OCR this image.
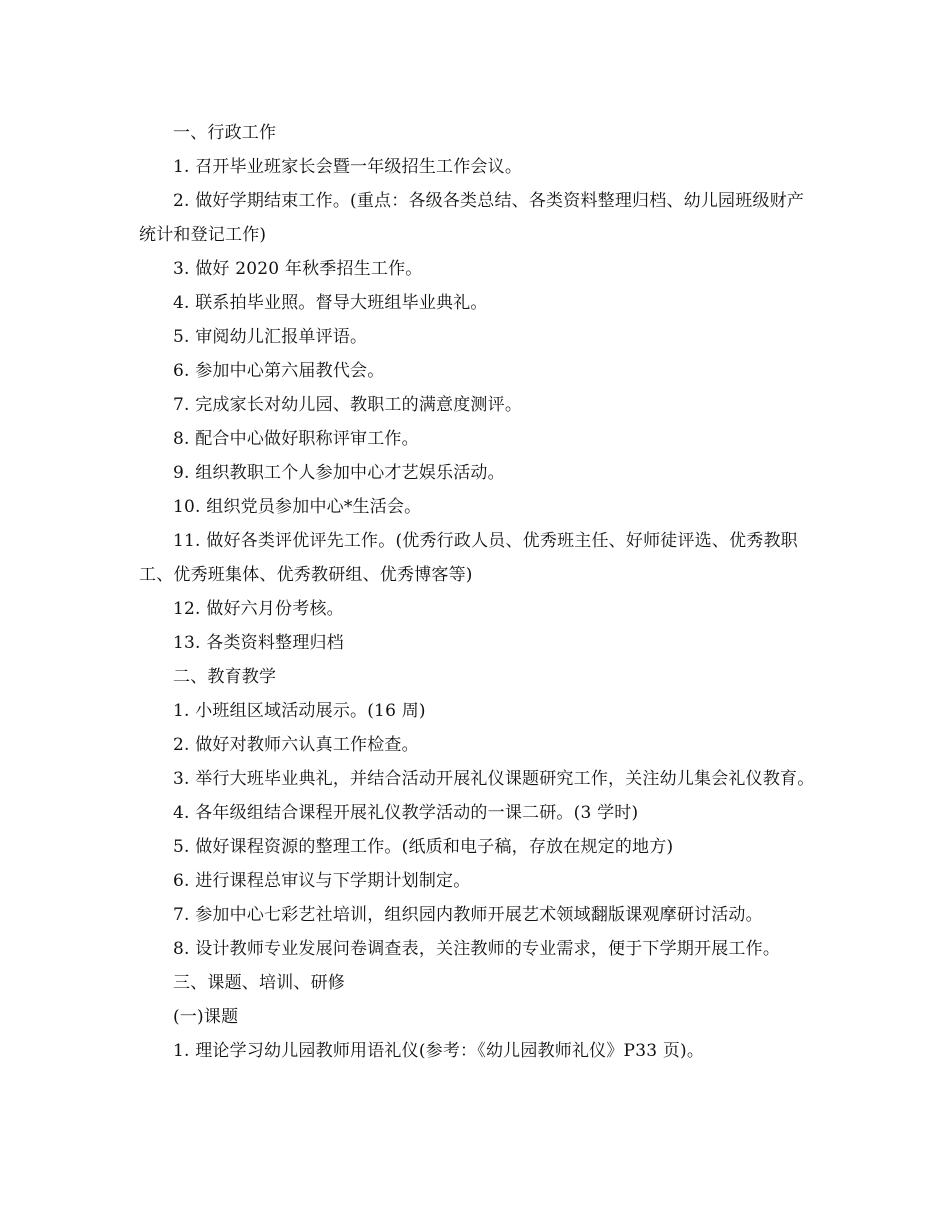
一、行政工作

1. 召开毕业班家长会暨一年级招生工作会议。

2. 做好学期结束工作。(重点：各级各类总结、各类资料整理归档、幼儿园班级财产统计和登记工作)

3. 做好 2020 年秋季招生工作。

4. 联系拍毕业照。督导大班组毕业典礼。

5. 审阅幼儿汇报单评语。

6. 参加中心第六届教代会。

7. 完成家长对幼儿园、教职工的满意度测评。

8. 配合中心做好职称评审工作。

9. 组织教职工个人参加中心才艺娱乐活动。

10. 组织党员参加中心*生活会。

11. 做好各类评优评先工作。(优秀行政人员、优秀班主任、好师徒评选、优秀教职工、优秀班集体、优秀教研组、优秀博客等)

12. 做好六月份考核。

13. 各类资料整理归档

二、教育教学

1. 小班组区域活动展示。(16 周)

2. 做好对教师六认真工作检查。

3. 举行大班毕业典礼，并结合活动开展礼仪课题研究工作，关注幼儿集会礼仪教育。

4. 各年级组结合课程开展礼仪教学活动的一课二研。(3 学时)

5. 做好课程资源的整理工作。(纸质和电子稿，存放在规定的地方)

6. 进行课程总审议与下学期计划制定。

7. 参加中心七彩艺社培训，组织园内教师开展艺术领域翻版课观摩研讨活动。

8. 设计教师专业发展问卷调查表，关注教师的专业需求，便于下学期开展工作。

三、课题、培训、研修

(一)课题

1. 理论学习幼儿园教师用语礼仪(参考：《幼儿园教师礼仪》P33 页)。
